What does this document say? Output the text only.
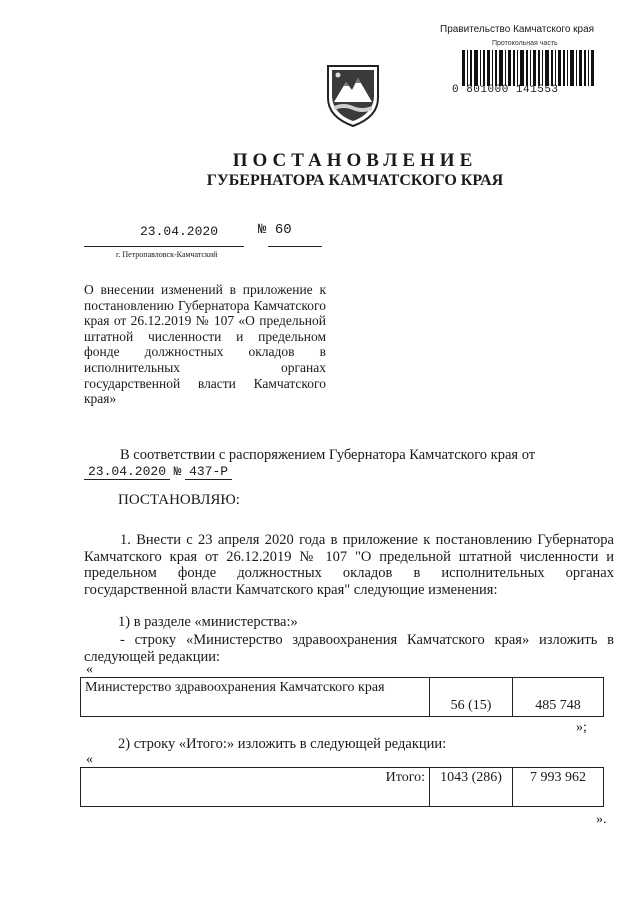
Правительство Камчатского края
Протокольная часть
0 801000 141553
ПОСТАНОВЛЕНИЕ
ГУБЕРНАТОРА КАМЧАТСКОГО КРАЯ
23.04.2020	№ 60
г. Петропавловск-Камчатский
О внесении изменений в приложение к постановлению Губернатора Камчатского края от 26.12.2019 № 107 «О предельной штатной численности и предельном фонде должностных окладов в исполнительных органах государственной власти Камчатского края»
В соответствии с распоряжением Губернатора Камчатского края от
23.04.2020 № 437-Р
ПОСТАНОВЛЯЮ:
1. Внести с 23 апреля 2020 года в приложение к постановлению Губернатора Камчатского края от 26.12.2019 № 107 "О предельной штатной численности и предельном фонде должностных окладов в исполнительных органах государственной власти Камчатского края" следующие изменения:
1) в разделе «министерства:»
- строку «Министерство здравоохранения Камчатского края» изложить в следующей редакции:
«
Министерство здравоохранения Камчатского края	56 (15)	485 748
»;
2) строку «Итого:» изложить в следующей редакции:
«
Итого:	1043 (286)	7 993 962
».
